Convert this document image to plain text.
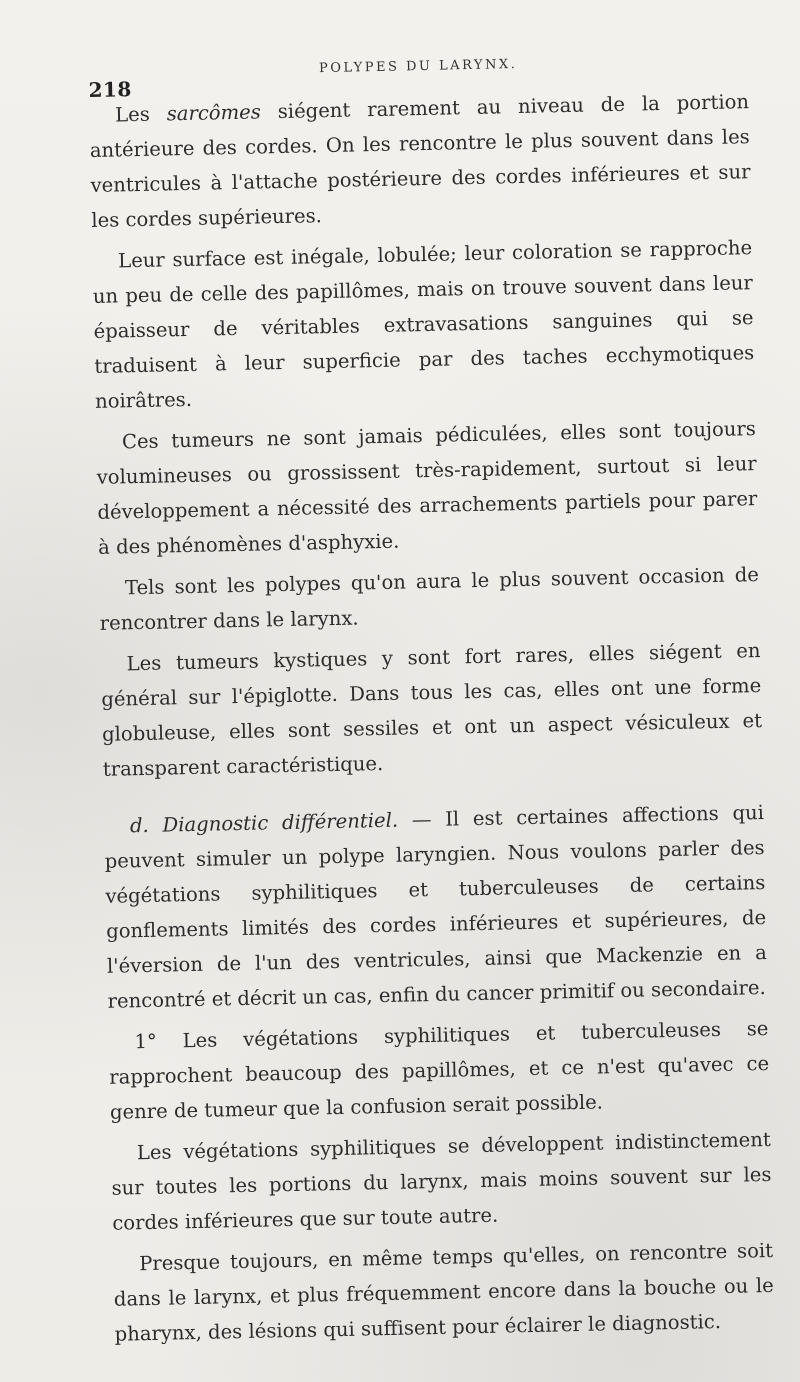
218
POLYPES DU LARYNX.

Les sarcômes siégent rarement au niveau de la portion antérieure des cordes. On les rencontre le plus souvent dans les ventricules à l'attache postérieure des cordes inférieures et sur les cordes supérieures.

Leur surface est inégale, lobulée; leur coloration se rapproche un peu de celle des papillômes, mais on trouve souvent dans leur épaisseur de véritables extravasations sanguines qui se traduisent à leur superficie par des taches ecchymotiques noirâtres.

Ces tumeurs ne sont jamais pédiculées, elles sont toujours volumineuses ou grossissent très-rapidement, surtout si leur développement a nécessité des arrachements partiels pour parer à des phénomènes d'asphyxie.

Tels sont les polypes qu'on aura le plus souvent occasion de rencontrer dans le larynx.

Les tumeurs kystiques y sont fort rares, elles siégent en général sur l'épiglotte. Dans tous les cas, elles ont une forme globuleuse, elles sont sessiles et ont un aspect vésiculeux et transparent caractéristique.

d. Diagnostic différentiel. — Il est certaines affections qui peuvent simuler un polype laryngien. Nous voulons parler des végétations syphilitiques et tuberculeuses de certains gonflements limités des cordes inférieures et supérieures, de l'éversion de l'un des ventricules, ainsi que Mackenzie en a rencontré et décrit un cas, enfin du cancer primitif ou secondaire.

1° Les végétations syphilitiques et tuberculeuses se rapprochent beaucoup des papillômes, et ce n'est qu'avec ce genre de tumeur que la confusion serait possible.

Les végétations syphilitiques se développent indistinctement sur toutes les portions du larynx, mais moins souvent sur les cordes inférieures que sur toute autre.

Presque toujours, en même temps qu'elles, on rencontre soit dans le larynx, et plus fréquemment encore dans la bouche ou le pharynx, des lésions qui suffisent pour éclairer le diagnostic.
